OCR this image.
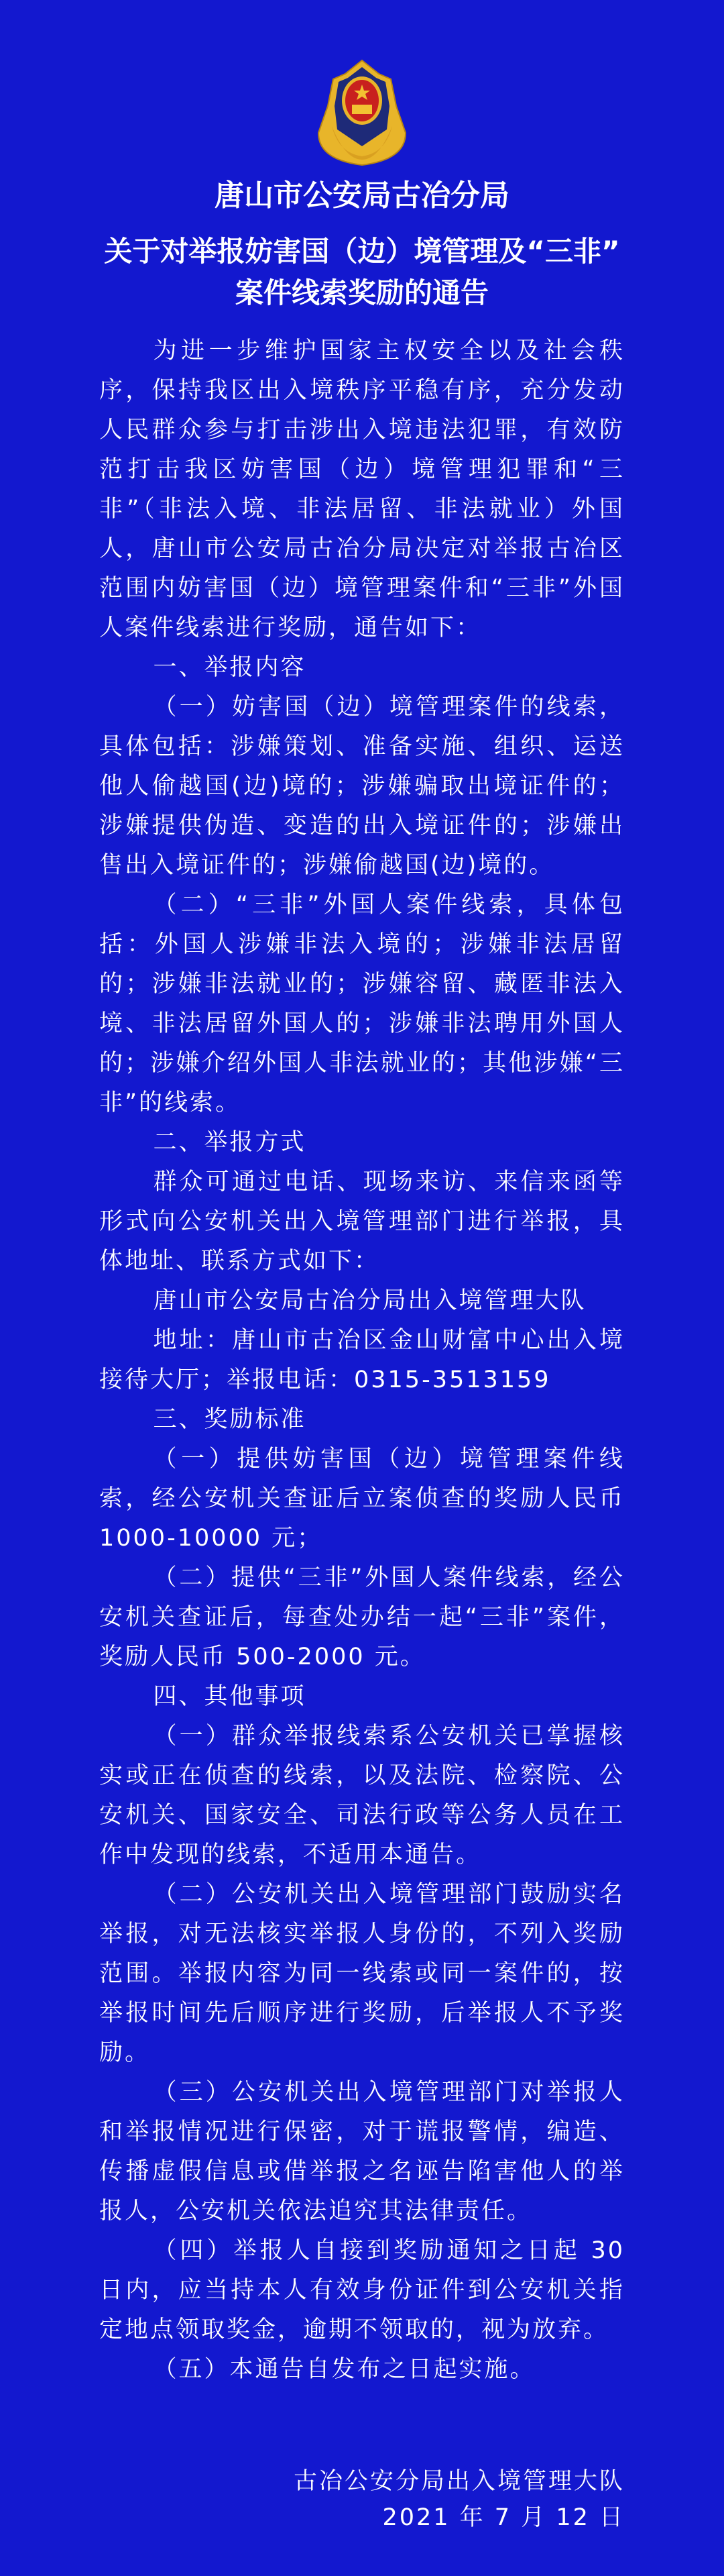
唐山市公安局古冶分局
关于对举报妨害国（边）境管理及“三非”
案件线索奖励的通告

为进一步维护国家主权安全以及社会秩序，保持我区出入境秩序平稳有序，充分发动人民群众参与打击涉出入境违法犯罪，有效防范打击我区妨害国（边）境管理犯罪和“三非”（非法入境、非法居留、非法就业）外国人，唐山市公安局古冶分局决定对举报古冶区范围内妨害国（边）境管理案件和“三非”外国人案件线索进行奖励，通告如下：

一、举报内容

（一）妨害国（边）境管理案件的线索，具体包括：涉嫌策划、准备实施、组织、运送他人偷越国(边)境的；涉嫌骗取出境证件的；涉嫌提供伪造、变造的出入境证件的；涉嫌出售出入境证件的；涉嫌偷越国(边)境的。

（二）“三非”外国人案件线索，具体包括：外国人涉嫌非法入境的；涉嫌非法居留的；涉嫌非法就业的；涉嫌容留、藏匿非法入境、非法居留外国人的；涉嫌非法聘用外国人的；涉嫌介绍外国人非法就业的；其他涉嫌“三非”的线索。

二、举报方式

群众可通过电话、现场来访、来信来函等形式向公安机关出入境管理部门进行举报，具体地址、联系方式如下：

唐山市公安局古冶分局出入境管理大队

地址：唐山市古冶区金山财富中心出入境接待大厅；举报电话：0315-3513159

三、奖励标准

（一）提供妨害国（边）境管理案件线索，经公安机关查证后立案侦查的奖励人民币 1000-10000 元；

（二）提供“三非”外国人案件线索，经公安机关查证后，每查处办结一起“三非”案件，奖励人民币 500-2000 元。

四、其他事项

（一）群众举报线索系公安机关已掌握核实或正在侦查的线索，以及法院、检察院、公安机关、国家安全、司法行政等公务人员在工作中发现的线索，不适用本通告。

（二）公安机关出入境管理部门鼓励实名举报，对无法核实举报人身份的，不列入奖励范围。举报内容为同一线索或同一案件的，按举报时间先后顺序进行奖励，后举报人不予奖励。

（三）公安机关出入境管理部门对举报人和举报情况进行保密，对于谎报警情，编造、传播虚假信息或借举报之名诬告陷害他人的举报人，公安机关依法追究其法律责任。

（四）举报人自接到奖励通知之日起 30 日内，应当持本人有效身份证件到公安机关指定地点领取奖金，逾期不领取的，视为放弃。

（五）本通告自发布之日起实施。

古冶公安分局出入境管理大队
2021 年 7 月 12 日
